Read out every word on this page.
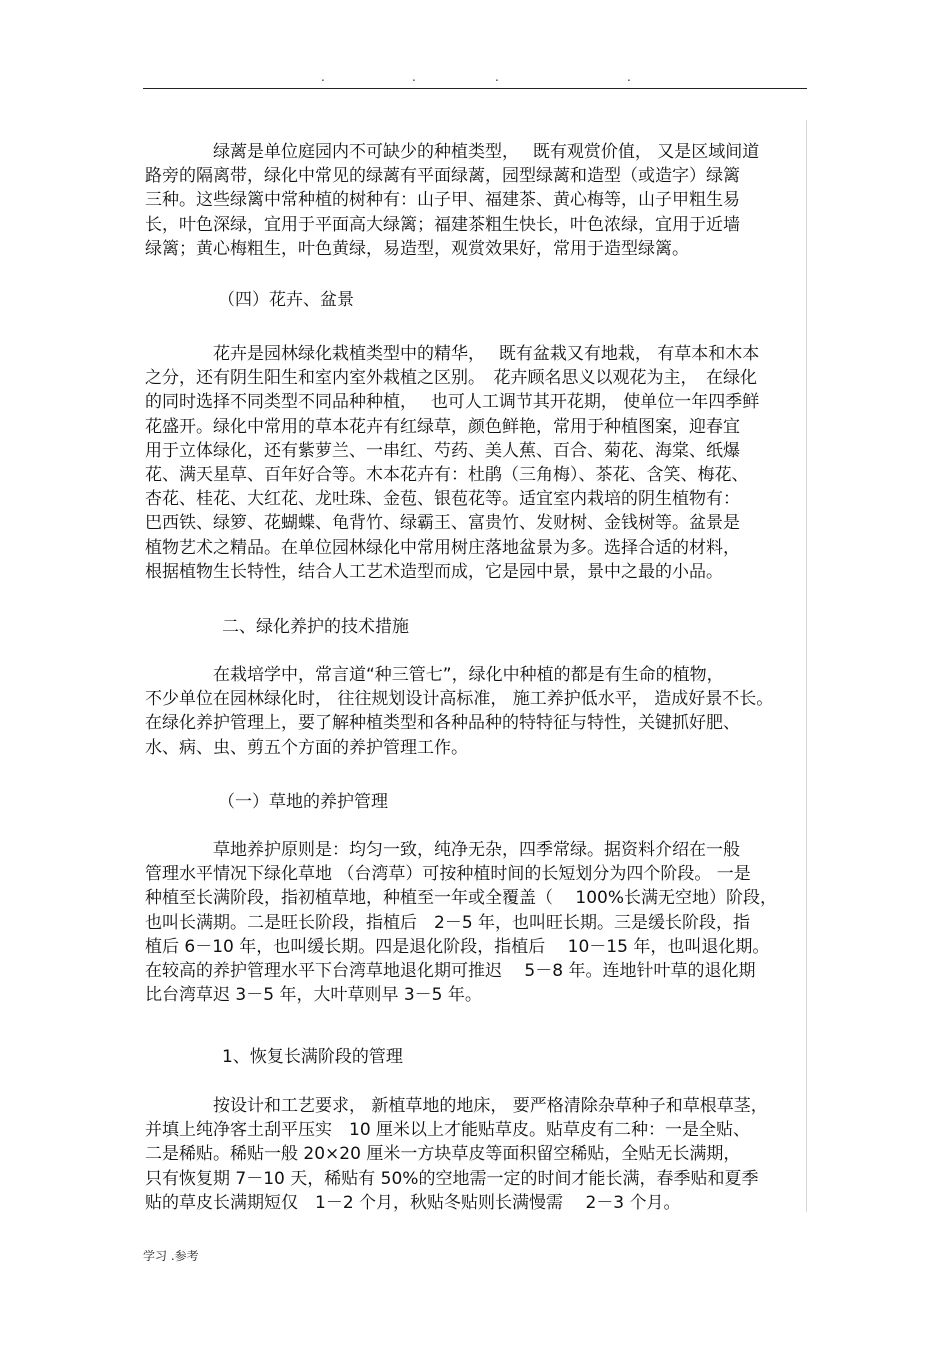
.	.	.	.
　　　　绿蓠是单位庭园内不可缺少的种植类型，　 既有观赏价值， 又是区域间道
路旁的隔离带，绿化中常见的绿蓠有平面绿蓠，园型绿蓠和造型（或造字）绿篱
三种。这些绿篱中常种植的树种有：山子甲、福建茶、黄心梅等，山子甲粗生易
长，叶色深绿，宜用于平面高大绿篱；福建茶粗生快长，叶色浓绿，宜用于近墙
绿篱；黄心梅粗生，叶色黄绿，易造型，观赏效果好，常用于造型绿篱。
（四）花卉、盆景
　　　　花卉是园林绿化栽植类型中的精华，　 既有盆栽又有地栽， 有草本和木本
之分，还有阴生阳生和室内室外栽植之区别。　花卉顾名思义以观花为主，　在绿化
的同时选择不同类型不同品种种植，　 也可人工调节其开花期， 使单位一年四季鲜
花盛开。绿化中常用的草本花卉有红绿草，颜色鲜艳，常用于种植图案，迎春宜
用于立体绿化，还有紫萝兰、一串红、芍药、美人蕉、百合、菊花、海棠、纸爆
花、满天星草、百年好合等。木本花卉有：杜鹃（三角梅）、茶花、含笑、梅花、
杏花、桂花、大红花、龙吐珠、金苞、银苞花等。适宜室内栽培的阴生植物有：
巴西铁、绿箩、花蝴蝶、龟背竹、绿霸王、富贵竹、发财树、金钱树等。盆景是
植物艺术之精品。在单位园林绿化中常用树庄落地盆景为多。选择合适的材料，
根据植物生长特性，结合人工艺术造型而成，它是园中景，景中之最的小品。
二、绿化养护的技术措施
　　　　在栽培学中，常言道“种三管七”，绿化中种植的都是有生命的植物，
不少单位在园林绿化时， 往往规划设计高标准， 施工养护低水平， 造成好景不长。
在绿化养护管理上，要了解种植类型和各种品种的特特征与特性，关键抓好肥、
水、病、虫、剪五个方面的养护管理工作。
（一）草地的养护管理
　　　　草地养护原则是：均匀一致，纯净无杂，四季常绿。据资料介绍在一般
管理水平情况下绿化草地 （台湾草）可按种植时间的长短划分为四个阶段。 一是
种植至长满阶段，指初植草地，种植至一年或全覆盖（　 100%长满无空地）阶段，
也叫长满期。二是旺长阶段，指植后　2－5 年，也叫旺长期。三是缓长阶段，指
植后 6－10 年，也叫缓长期。四是退化阶段，指植后　 10－15 年，也叫退化期。
在较高的养护管理水平下台湾草地退化期可推迟　 5－8 年。连地针叶草的退化期
比台湾草迟 3－5 年，大叶草则早 3－5 年。
1、恢复长满阶段的管理
　　　　按设计和工艺要求， 新植草地的地床， 要严格清除杂草种子和草根草茎，
并填上纯净客土刮平压实　10 厘米以上才能贴草皮。贴草皮有二种：一是全贴、
二是稀贴。稀贴一般 20×20 厘米一方块草皮等面积留空稀贴，全贴无长满期，
只有恢复期 7－10 天，稀贴有 50%的空地需一定的时间才能长满，春季贴和夏季
贴的草皮长满期短仅　1－2 个月，秋贴冬贴则长满慢需　 2－3 个月。
学习 .参考
